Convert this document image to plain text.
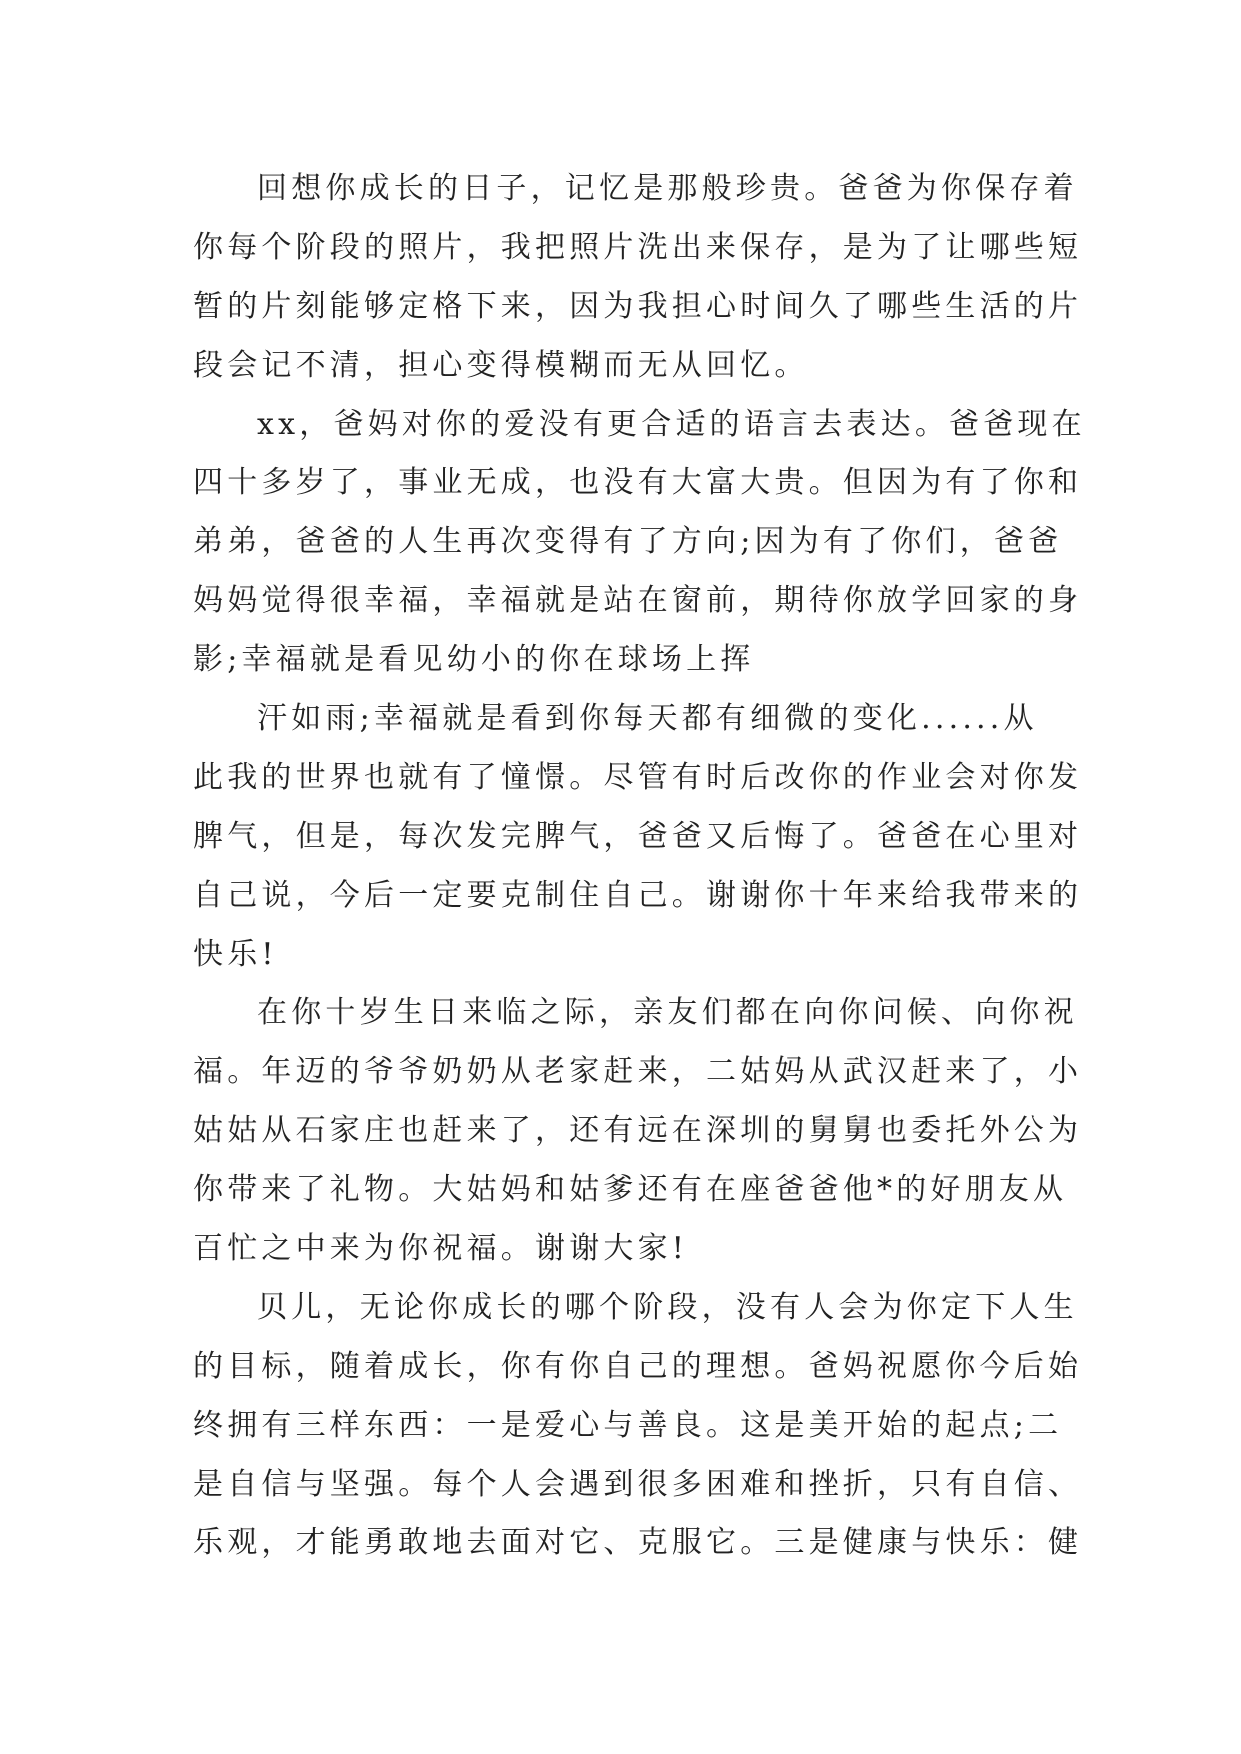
回想你成长的日子，记忆是那般珍贵。爸爸为你保存着
你每个阶段的照片，我把照片洗出来保存，是为了让哪些短
暂的片刻能够定格下来，因为我担心时间久了哪些生活的片
段会记不清，担心变得模糊而无从回忆。
xx，爸妈对你的爱没有更合适的语言去表达。爸爸现在
四十多岁了，事业无成，也没有大富大贵。但因为有了你和
弟弟，爸爸的人生再次变得有了方向;因为有了你们，爸爸
妈妈觉得很幸福，幸福就是站在窗前，期待你放学回家的身
影;幸福就是看见幼小的你在球场上挥
汗如雨;幸福就是看到你每天都有细微的变化......从
此我的世界也就有了憧憬。尽管有时后改你的作业会对你发
脾气，但是，每次发完脾气，爸爸又后悔了。爸爸在心里对
自己说，今后一定要克制住自己。谢谢你十年来给我带来的
快乐!
在你十岁生日来临之际，亲友们都在向你问候、向你祝
福。年迈的爷爷奶奶从老家赶来，二姑妈从武汉赶来了，小
姑姑从石家庄也赶来了，还有远在深圳的舅舅也委托外公为
你带来了礼物。大姑妈和姑爹还有在座爸爸他*的好朋友从
百忙之中来为你祝福。谢谢大家!
贝儿，无论你成长的哪个阶段，没有人会为你定下人生
的目标，随着成长，你有你自己的理想。爸妈祝愿你今后始
终拥有三样东西：一是爱心与善良。这是美开始的起点;二
是自信与坚强。每个人会遇到很多困难和挫折，只有自信、
乐观，才能勇敢地去面对它、克服它。三是健康与快乐：健
